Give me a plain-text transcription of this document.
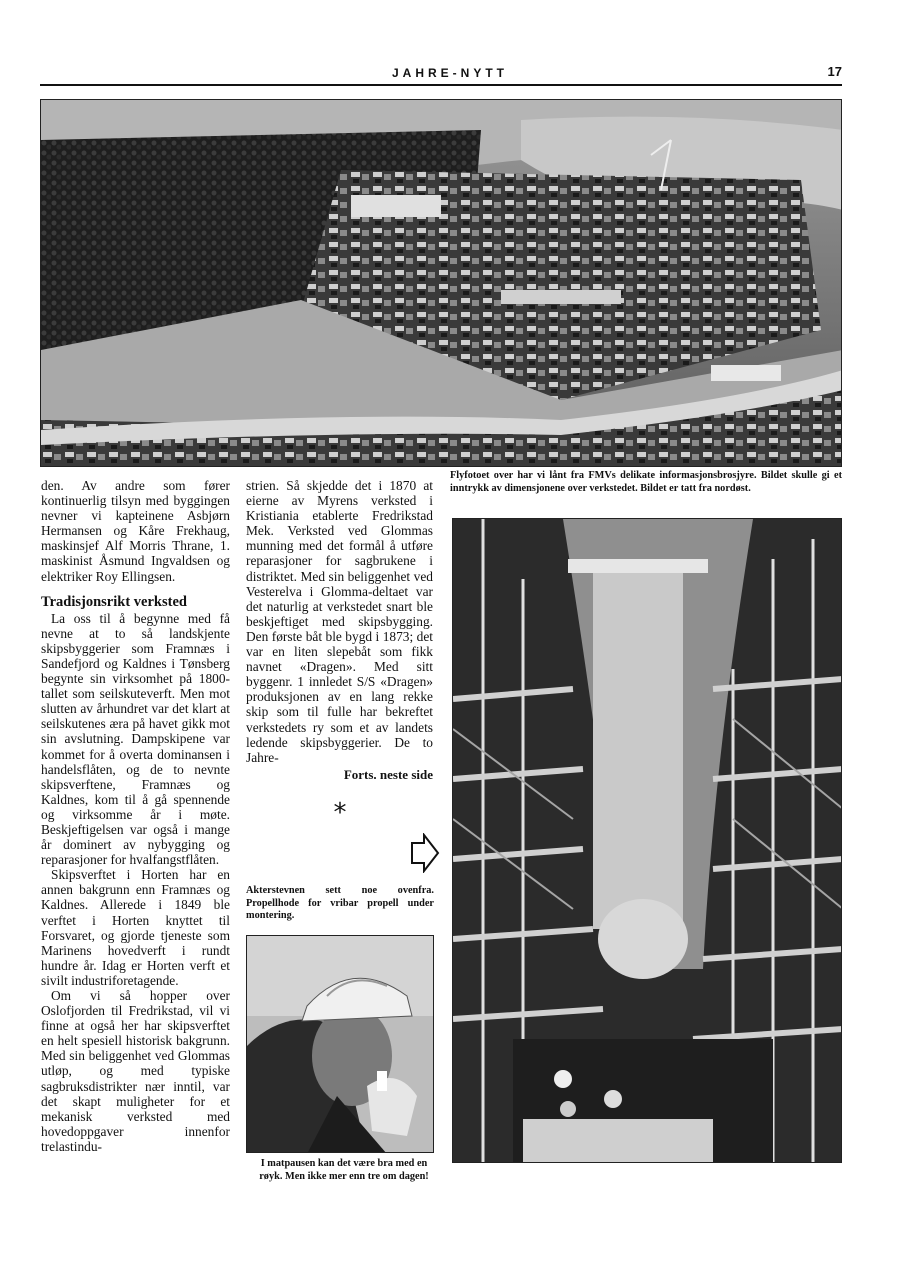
JAHRE-NYTT	17

den. Av andre som fører kontinuerlig tilsyn med byggingen nevner vi kapteinene Asbjørn Hermansen og Kåre Frekhaug, maskinsjef Alf Morris Thrane, 1. maskinist Åsmund Ingvaldsen og elektriker Roy Ellingsen.

Tradisjonsrikt verksted

La oss til å begynne med få nevne at to så landskjente skipsbyggerier som Framnæs i Sandefjord og Kaldnes i Tønsberg begynte sin virksomhet på 1800-tallet som seilskuteverft. Men mot slutten av århundret var det klart at seilskutenes æra på havet gikk mot sin avslutning. Dampskipene var kommet for å overta dominansen i handelsflåten, og de to nevnte skipsverftene, Framnæs og Kaldnes, kom til å gå spennende og virksomme år i møte. Beskjeftigelsen var også i mange år dominert av nybygging og reparasjoner for hvalfangstflåten.

Skipsverftet i Horten har en annen bakgrunn enn Framnæs og Kaldnes. Allerede i 1849 ble verftet i Horten knyttet til Forsvaret, og gjorde tjeneste som Marinens hovedverft i rundt hundre år. Idag er Horten verft et sivilt industriforetagende.

Om vi så hopper over Oslofjorden til Fredrikstad, vil vi finne at også her har skipsverftet en helt spesiell historisk bakgrunn. Med sin beliggenhet ved Glommas utløp, og med typiske sagbruksdistrikter nær inntil, var det skapt muligheter for et mekanisk verksted med hovedoppgaver innenfor trelastindu-

strien. Så skjedde det i 1870 at eierne av Myrens verksted i Kristiania etablerte Fredrikstad Mek. Verksted ved Glommas munning med det formål å utføre reparasjoner for sagbrukene i distriktet. Med sin beliggenhet ved Vesterelva i Glomma-deltaet var det naturlig at verkstedet snart ble beskjeftiget med skipsbygging. Den første båt ble bygd i 1873; det var en liten slepebåt som fikk navnet «Dragen». Med sitt byggenr. 1 innledet S/S «Dragen» produksjonen av en lang rekke skip som til fulle har bekreftet verkstedets ry som et av landets ledende skipsbyggerier. De to Jahre-

Forts. neste side
*
Akterstevnen sett noe ovenfra. Propellhode for vribar propell under montering.
I matpausen kan det være bra med en røyk. Men ikke mer enn tre om dagen!
Flyfotoet over har vi lånt fra FMVs delikate informasjonsbrosjyre. Bildet skulle gi et inntrykk av dimensjonene over verkstedet. Bildet er tatt fra nordøst.
